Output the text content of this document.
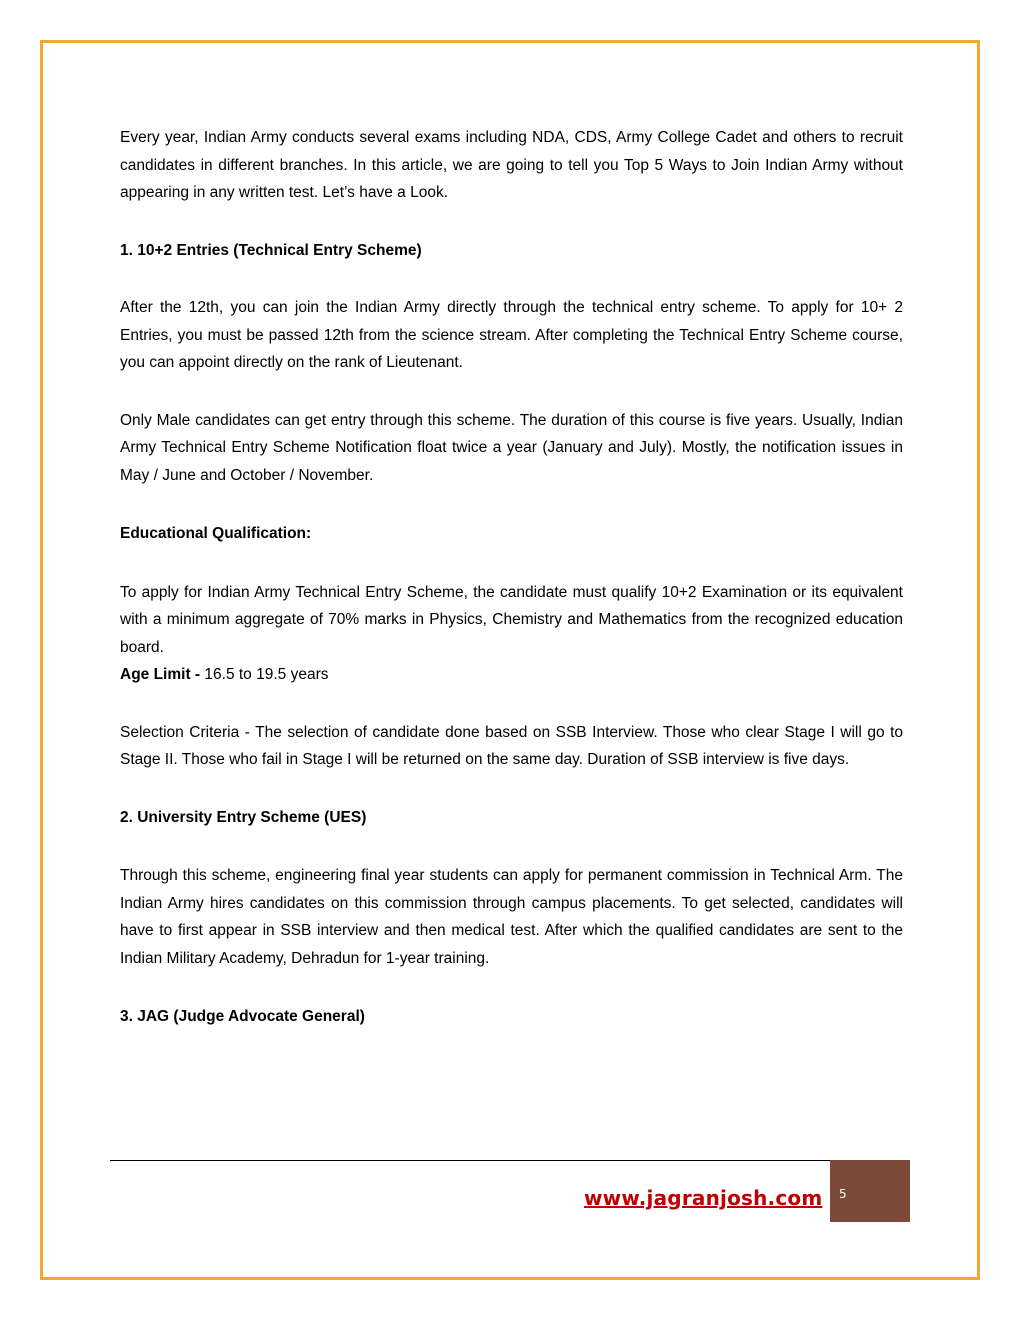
Every year, Indian Army conducts several exams including NDA, CDS, Army College Cadet and others to recruit candidates in different branches. In this article, we are going to tell you Top 5 Ways to Join Indian Army without appearing in any written test. Let’s have a Look.

1. 10+2 Entries (Technical Entry Scheme)

After the 12th, you can join the Indian Army directly through the technical entry scheme. To apply for 10+ 2 Entries, you must be passed 12th from the science stream. After completing the Technical Entry Scheme course, you can appoint directly on the rank of Lieutenant.

Only Male candidates can get entry through this scheme. The duration of this course is five years. Usually, Indian Army Technical Entry Scheme Notification float twice a year (January and July). Mostly, the notification issues in May / June and October / November.

Educational Qualification:

To apply for Indian Army Technical Entry Scheme, the candidate must qualify 10+2 Examination or its equivalent with a minimum aggregate of 70% marks in Physics, Chemistry and Mathematics from the recognized education board.

Age Limit - 16.5 to 19.5 years

Selection Criteria - The selection of candidate done based on SSB Interview. Those who clear Stage I will go to Stage II. Those who fail in Stage I will be returned on the same day. Duration of SSB interview is five days.

2. University Entry Scheme (UES)

Through this scheme, engineering final year students can apply for permanent commission in Technical Arm. The Indian Army hires candidates on this commission through campus placements. To get selected, candidates will have to first appear in SSB interview and then medical test. After which the qualified candidates are sent to the Indian Military Academy, Dehradun for 1-year training.

3. JAG (Judge Advocate General)

www.jagranjosh.com 5
